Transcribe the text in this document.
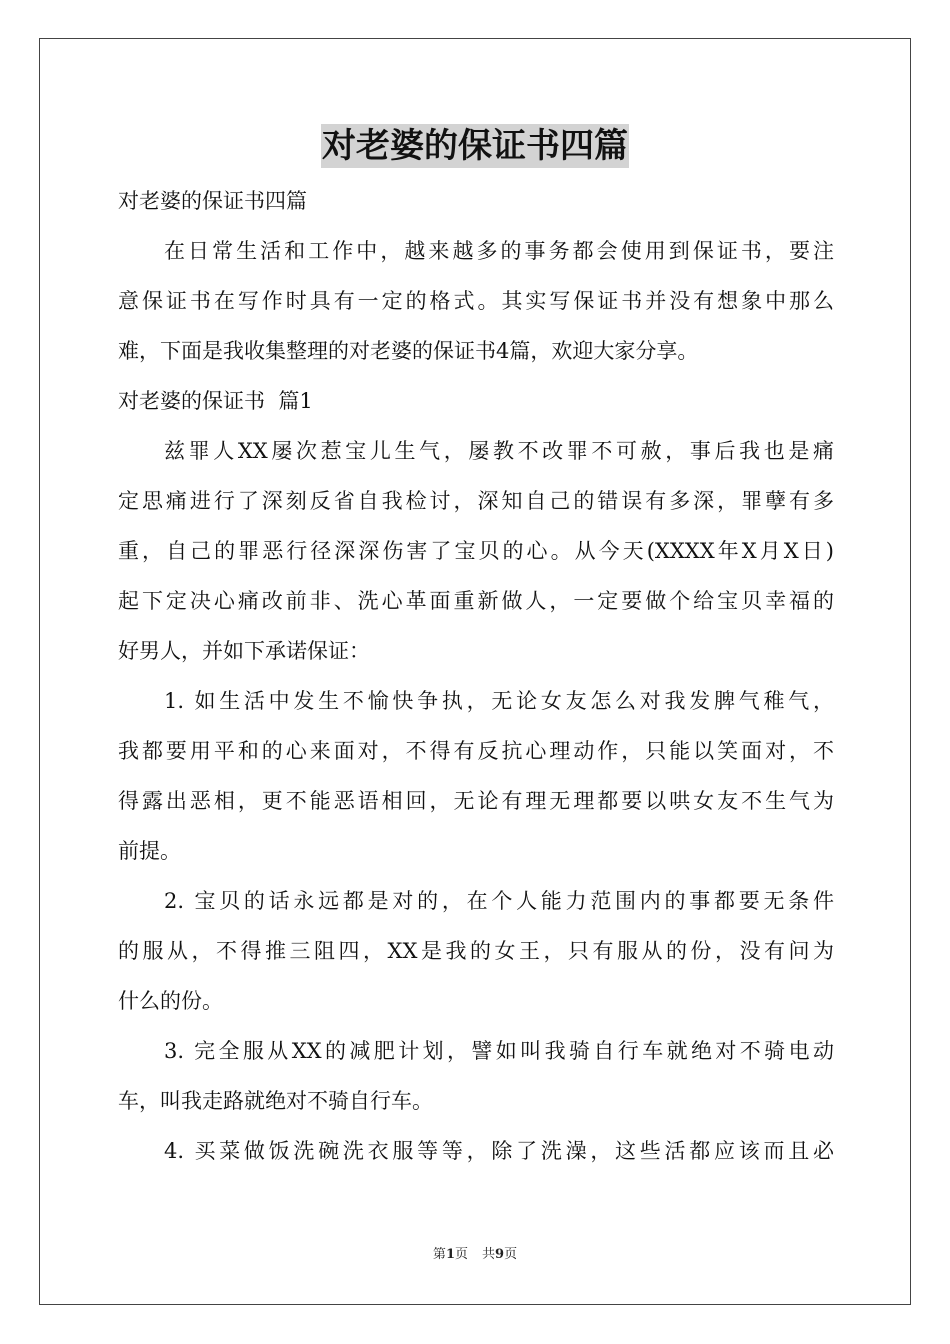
对老婆的保证书四篇
对老婆的保证书四篇
在日常生活和工作中，越来越多的事务都会使用到保证书，要注
意保证书在写作时具有一定的格式。其实写保证书并没有想象中那么
难，下面是我收集整理的对老婆的保证书4篇，欢迎大家分享。
对老婆的保证书  篇1
兹罪人XX屡次惹宝儿生气，屡教不改罪不可赦，事后我也是痛
定思痛进行了深刻反省自我检讨，深知自己的错误有多深，罪孽有多
重，自己的罪恶行径深深伤害了宝贝的心。从今天(XXXX年X月X日)
起下定决心痛改前非、洗心革面重新做人，一定要做个给宝贝幸福的
好男人，并如下承诺保证：
1. 如生活中发生不愉快争执，无论女友怎么对我发脾气稚气，
我都要用平和的心来面对，不得有反抗心理动作，只能以笑面对，不
得露出恶相，更不能恶语相回，无论有理无理都要以哄女友不生气为
前提。
2. 宝贝的话永远都是对的，在个人能力范围内的事都要无条件
的服从，不得推三阻四，XX是我的女王，只有服从的份，没有问为
什么的份。
3. 完全服从XX的减肥计划，譬如叫我骑自行车就绝对不骑电动
车，叫我走路就绝对不骑自行车。
4. 买菜做饭洗碗洗衣服等等，除了洗澡，这些活都应该而且必
第1页 共9页
